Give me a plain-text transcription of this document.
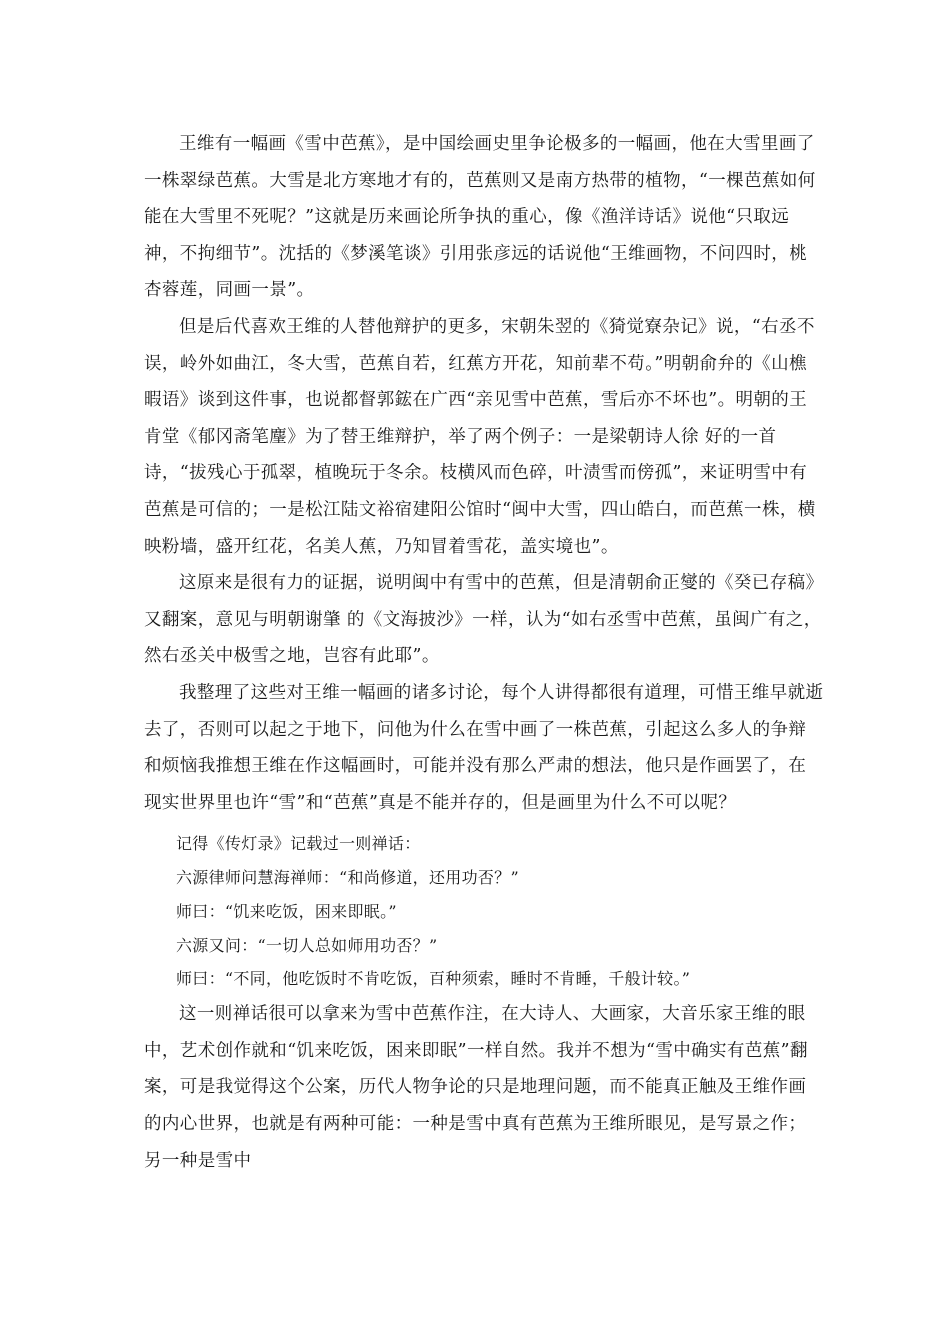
王维有一幅画《雪中芭蕉》，是中国绘画史里争论极多的一幅画，他在大雪里画了一株翠绿芭蕉。大雪是北方寒地才有的，芭蕉则又是南方热带的植物，“一棵芭蕉如何能在大雪里不死呢？”这就是历来画论所争执的重心，像《渔洋诗话》说他“只取远神，不拘细节”。沈括的《梦溪笔谈》引用张彦远的话说他“王维画物，不问四时，桃杏蓉莲，同画一景”。

但是后代喜欢王维的人替他辩护的更多，宋朝朱翌的《猗觉寮杂记》说，“右丞不误，岭外如曲江，冬大雪，芭蕉自若，红蕉方开花，知前辈不苟。”明朝俞弁的《山樵暇语》谈到这件事，也说都督郭鋐在广西“亲见雪中芭蕉，雪后亦不坏也”。明朝的王肯堂《郁冈斋笔麈》为了替王维辩护，举了两个例子：一是梁朝诗人徐 好的一首诗，“拔残心于孤翠，植晚玩于冬余。枝横风而色碎，叶渍雪而傍孤”，来证明雪中有芭蕉是可信的；一是松江陆文裕宿建阳公馆时“闽中大雪，四山皓白，而芭蕉一株，横映粉墙，盛开红花，名美人蕉，乃知冒着雪花，盖实境也”。

这原来是很有力的证据，说明闽中有雪中的芭蕉，但是清朝俞正燮的《癸已存稿》又翻案，意见与明朝谢肇 的《文海披沙》一样，认为“如右丞雪中芭蕉，虽闽广有之，然右丞关中极雪之地，岂容有此耶”。

我整理了这些对王维一幅画的诸多讨论，每个人讲得都很有道理，可惜王维早就逝去了，否则可以起之于地下，问他为什么在雪中画了一株芭蕉，引起这么多人的争辩和烦恼我推想王维在作这幅画时，可能并没有那么严肃的想法，他只是作画罢了，在现实世界里也许“雪”和“芭蕉”真是不能并存的，但是画里为什么不可以呢？

记得《传灯录》记载过一则禅话：

六源律师问慧海禅师：“和尚修道，还用功否？”

师曰：“饥来吃饭，困来即眠。”

六源又问：“一切人总如师用功否？”

师曰：“不同，他吃饭时不肯吃饭，百种须索，睡时不肯睡，千般计较。”

这一则禅话很可以拿来为雪中芭蕉作注，在大诗人、大画家，大音乐家王维的眼中，艺术创作就和“饥来吃饭，困来即眠”一样自然。我并不想为“雪中确实有芭蕉”翻案，可是我觉得这个公案，历代人物争论的只是地理问题，而不能真正触及王维作画的内心世界，也就是有两种可能：一种是雪中真有芭蕉为王维所眼见，是写景之作；另一种是雪中
